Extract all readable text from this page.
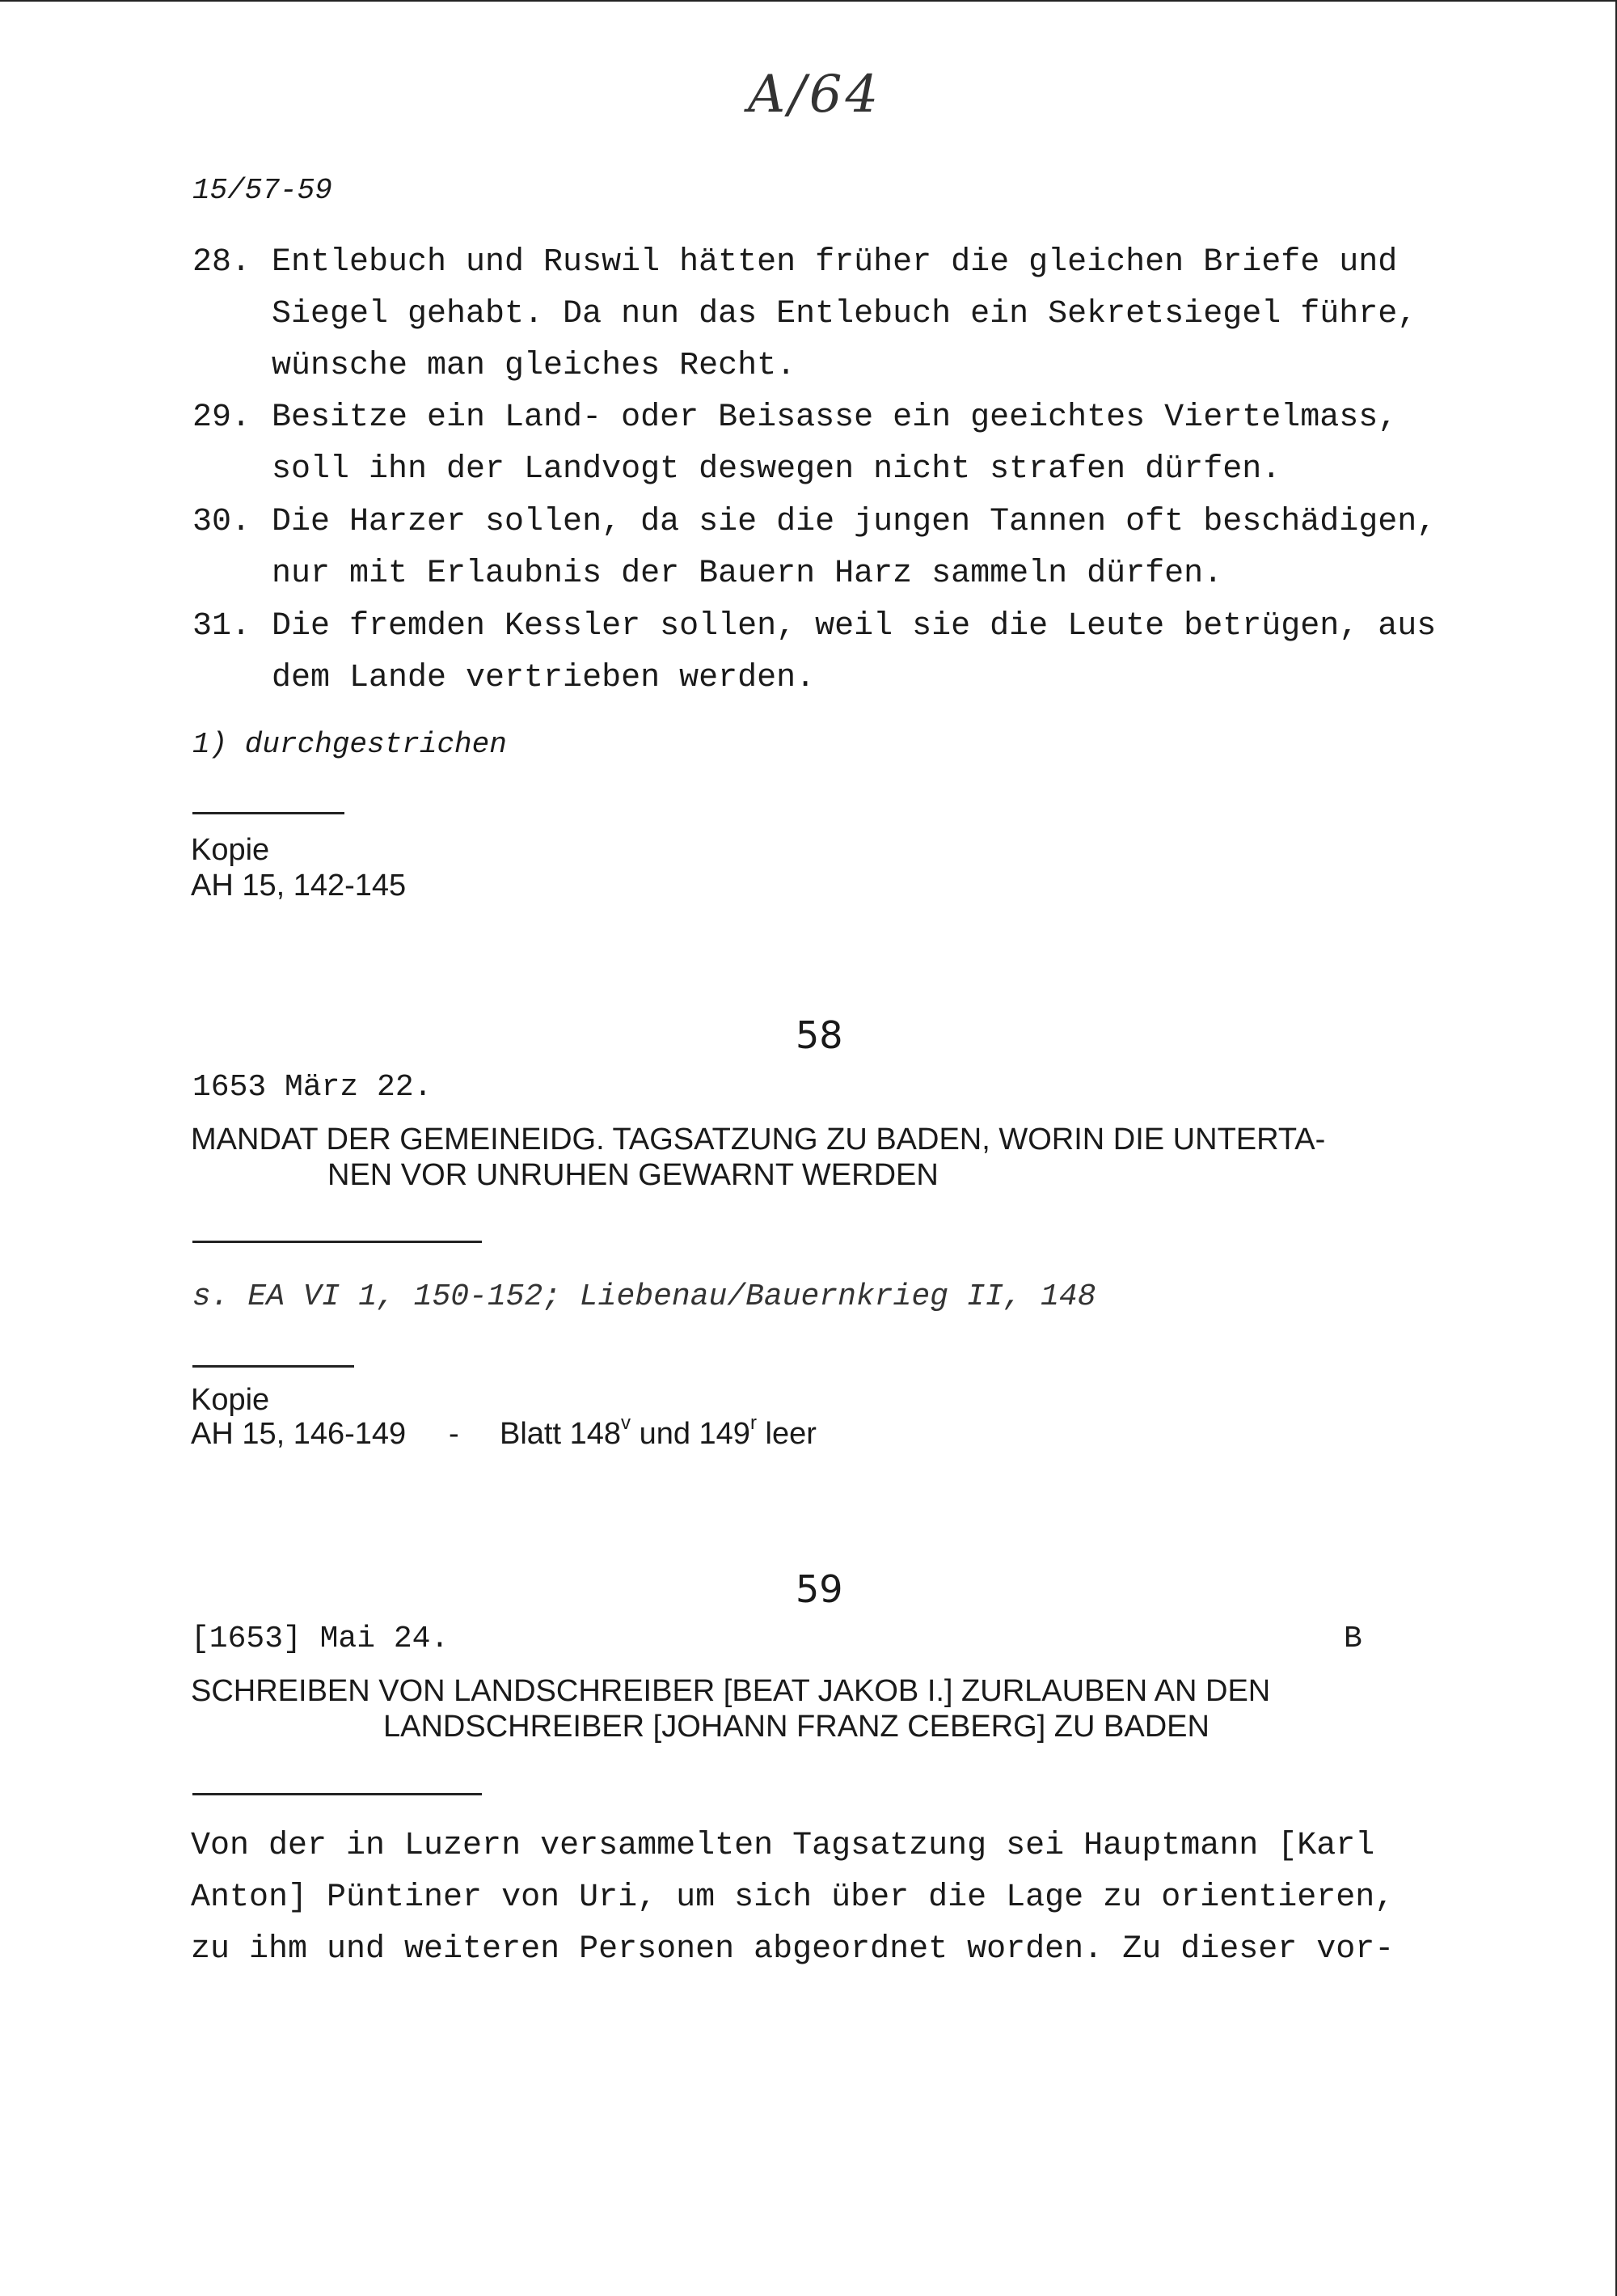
A/64
15/57-59
28. Entlebuch und Ruswil hätten früher die gleichen Briefe und
Siegel gehabt. Da nun das Entlebuch ein Sekretsiegel führe,
wünsche man gleiches Recht.
29. Besitze ein Land- oder Beisasse ein geeichtes Viertelmass,
soll ihn der Landvogt deswegen nicht strafen dürfen.
30. Die Harzer sollen, da sie die jungen Tannen oft beschädigen,
nur mit Erlaubnis der Bauern Harz sammeln dürfen.
31. Die fremden Kessler sollen, weil sie die Leute betrügen, aus
dem Lande vertrieben werden.
1) durchgestrichen
Kopie
AH 15, 142-145
58
1653 März 22.
MANDAT DER GEMEINEIDG. TAGSATZUNG ZU BADEN, WORIN DIE UNTERTA-
NEN VOR UNRUHEN GEWARNT WERDEN
s. EA VI 1, 150-152; Liebenau/Bauernkrieg II, 148
Kopie
AH 15, 146-149 - Blatt 148$^v$ und 149$^r$ leer
59
[1653] Mai 24.	B
SCHREIBEN VON LANDSCHREIBER [BEAT JAKOB I.] ZURLAUBEN AN DEN
LANDSCHREIBER [JOHANN FRANZ CEBERG] ZU BADEN
Von der in Luzern versammelten Tagsatzung sei Hauptmann [Karl
Anton] Püntiner von Uri, um sich über die Lage zu orientieren,
zu ihm und weiteren Personen abgeordnet worden. Zu dieser vor-
